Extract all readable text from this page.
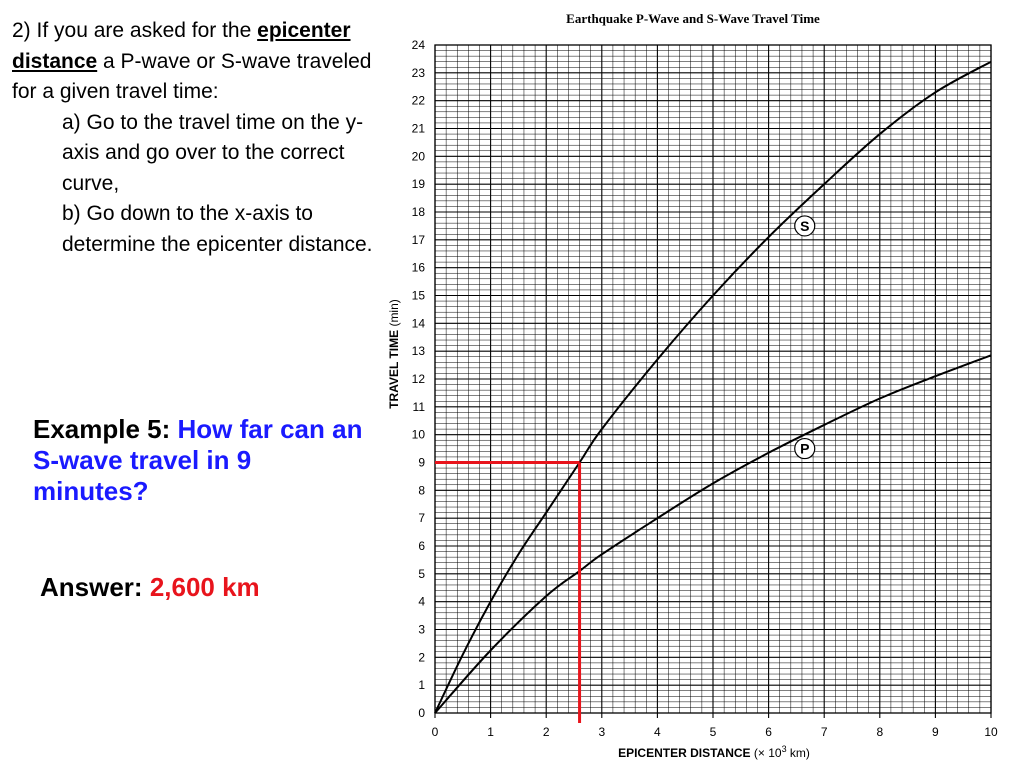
2) If you are asked for the epicenter distance a P-wave or S-wave traveled for a given travel time:

a) Go to the travel time on the y-axis and go over to the correct curve,

b) Go down to the x-axis to determine the epicenter distance.

Example 5: How far can an S-wave travel in 9 minutes?
Answer: 2,600 km
Earthquake P-Wave and S-Wave Travel Time
0
1
2
3
4
5
6
7
8
9
10
11
12
13
14
15
16
17
18
19
20
21
22
23
24
0	1	2	3	4	5	6	7	8	9	10
S
P
EPICENTER DISTANCE (× $10^3$ km)
TRAVEL TIME (min)
